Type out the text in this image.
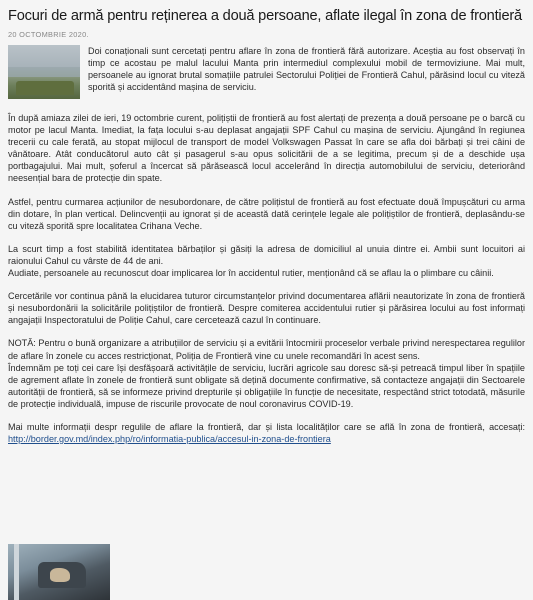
Focuri de armă pentru reținerea a două persoane, aflate ilegal în zona de frontieră
20 OCTOMBRIE 2020.
Doi conaționali sunt cercetați pentru aflare în zona de frontieră fără autorizare. Aceștia au fost observați în timp ce acostau pe malul lacului Manta prin intermediul complexului mobil de termoviziune. Mai mult, persoanele au ignorat brutal somațiile patrulei Sectorului Poliției de Frontieră Cahul, părăsind locul cu viteză sporită și accidentând mașina de serviciu.

În după amiaza zilei de ieri, 19 octombrie curent, polițiștii de frontieră au fost alertați de prezența a două persoane pe o barcă cu motor pe lacul Manta. Imediat, la fața locului s-au deplasat angajații SPF Cahul cu mașina de serviciu. Ajungând în regiunea trecerii cu cale ferată, au stopat mijlocul de transport de model Volkswagen Passat în care se afla doi bărbați și trei câini de vânătoare. Atât conducătorul auto cât și pasagerul s-au opus solicitării de a se legitima, precum și de a deschide ușa portbagajului. Mai mult, șoferul a încercat să părăsească locul accelerând în direcția automobilului de serviciu, deteriorând neesențial bara de protecție din spate.

Astfel, pentru curmarea acțiunilor de nesubordonare, de către polițistul de frontieră au fost efectuate două împușcături cu arma din dotare, în plan vertical. Delincvenții au ignorat și de această dată cerințele legale ale polițiștilor de frontieră, deplasându-se cu viteză sporită spre localitatea Crihana Veche.

La scurt timp a fost stabilită identitatea bărbaților și găsiți la adresa de domiciliul al unuia dintre ei. Ambii sunt locuitori ai raionului Cahul cu vârste de 44 de ani.

Audiate, persoanele au recunoscut doar implicarea lor în accidentul rutier, menționând că se aflau la o plimbare cu câinii.

Cercetările vor continua până la elucidarea tuturor circumstanțelor privind documentarea aflării neautorizate în zona de frontieră și nesubordonării la solicitările polițiștilor de frontieră. Despre comiterea accidentului rutier și părăsirea locului au fost informați angajații Inspectoratului de Poliție Cahul, care cercetează cazul în continuare.

NOTĂ: Pentru o bună organizare a atribuțiilor de serviciu și a evitării întocmirii proceselor verbale privind nerespectarea regulilor de aflare în zonele cu acces restricționat, Poliția de Frontieră vine cu unele recomandări în acest sens.

Îndemnăm pe toți cei care își desfășoară activitățile de serviciu, lucrări agricole sau doresc să-și petreacă timpul liber în spațiile de agrement aflate în zonele de frontieră sunt obligate să dețină documente confirmative, să contacteze angajații din Sectoarele autorității de frontieră, să se informeze privind drepturile și obligațiile în funcție de necesitate, respectând strict totodată, măsurile de protecție individuală, impuse de riscurile provocate de noul coronavirus COVID-19.

Mai multe informații despr regulile de aflare la frontieră, dar și lista localităților care se află în zona de frontieră, accesați: http://border.gov.md/index.php/ro/informatia-publica/accesul-in-zona-de-frontiera
